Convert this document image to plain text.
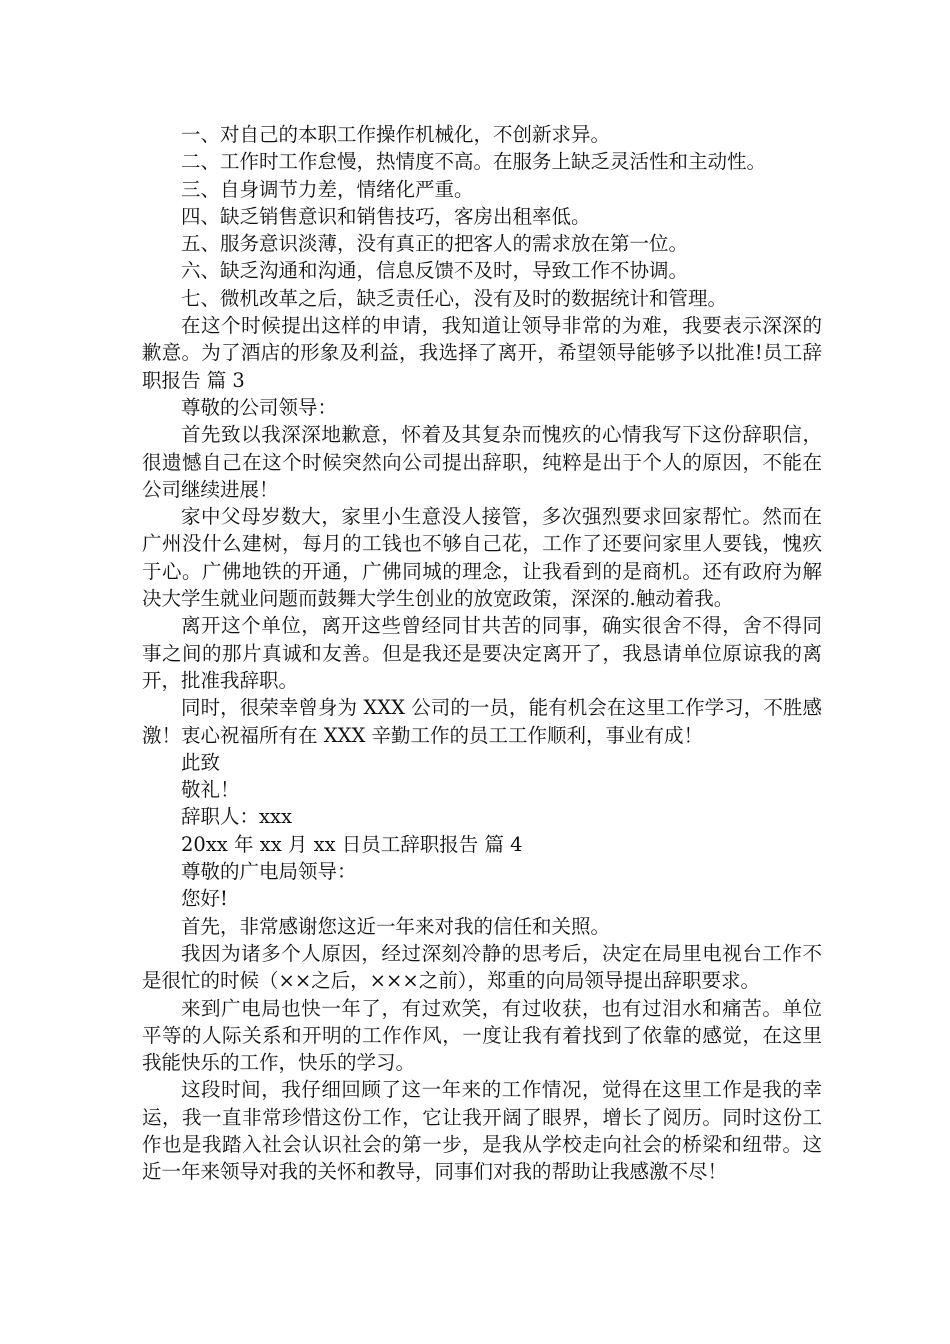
一、对自己的本职工作操作机械化，不创新求异。

二、工作时工作怠慢，热情度不高。在服务上缺乏灵活性和主动性。

三、自身调节力差，情绪化严重。

四、缺乏销售意识和销售技巧，客房出租率低。

五、服务意识淡薄，没有真正的把客人的需求放在第一位。

六、缺乏沟通和沟通，信息反馈不及时，导致工作不协调。

七、微机改革之后，缺乏责任心，没有及时的数据统计和管理。

在这个时候提出这样的申请，我知道让领导非常的为难，我要表示深深的歉意。为了酒店的形象及利益，我选择了离开，希望领导能够予以批准!员工辞职报告 篇 3

尊敬的公司领导：

首先致以我深深地歉意，怀着及其复杂而愧疚的心情我写下这份辞职信，很遗憾自己在这个时候突然向公司提出辞职，纯粹是出于个人的原因，不能在公司继续进展！

家中父母岁数大，家里小生意没人接管，多次强烈要求回家帮忙。然而在广州没什么建树，每月的工钱也不够自己花，工作了还要问家里人要钱，愧疚于心。广佛地铁的开通，广佛同城的理念，让我看到的是商机。还有政府为解决大学生就业问题而鼓舞大学生创业的放宽政策，深深的.触动着我。

离开这个单位，离开这些曾经同甘共苦的同事，确实很舍不得，舍不得同事之间的那片真诚和友善。但是我还是要决定离开了，我恳请单位原谅我的离开，批准我辞职。

同时，很荣幸曾身为 XXX 公司的一员，能有机会在这里工作学习，不胜感激！衷心祝福所有在 XXX 辛勤工作的员工工作顺利，事业有成！

此致

敬礼！

辞职人：xxx

20xx 年 xx 月 xx 日员工辞职报告 篇 4

尊敬的广电局领导：

您好!

首先，非常感谢您这近一年来对我的信任和关照。

我因为诸多个人原因，经过深刻冷静的思考后，决定在局里电视台工作不是很忙的时候（××之后，×××之前），郑重的向局领导提出辞职要求。

来到广电局也快一年了，有过欢笑，有过收获，也有过泪水和痛苦。单位平等的人际关系和开明的工作作风，一度让我有着找到了依靠的感觉，在这里我能快乐的工作，快乐的学习。

这段时间，我仔细回顾了这一年来的工作情况，觉得在这里工作是我的幸运，我一直非常珍惜这份工作，它让我开阔了眼界，增长了阅历。同时这份工作也是我踏入社会认识社会的第一步，是我从学校走向社会的桥梁和纽带。这近一年来领导对我的关怀和教导，同事们对我的帮助让我感激不尽！
